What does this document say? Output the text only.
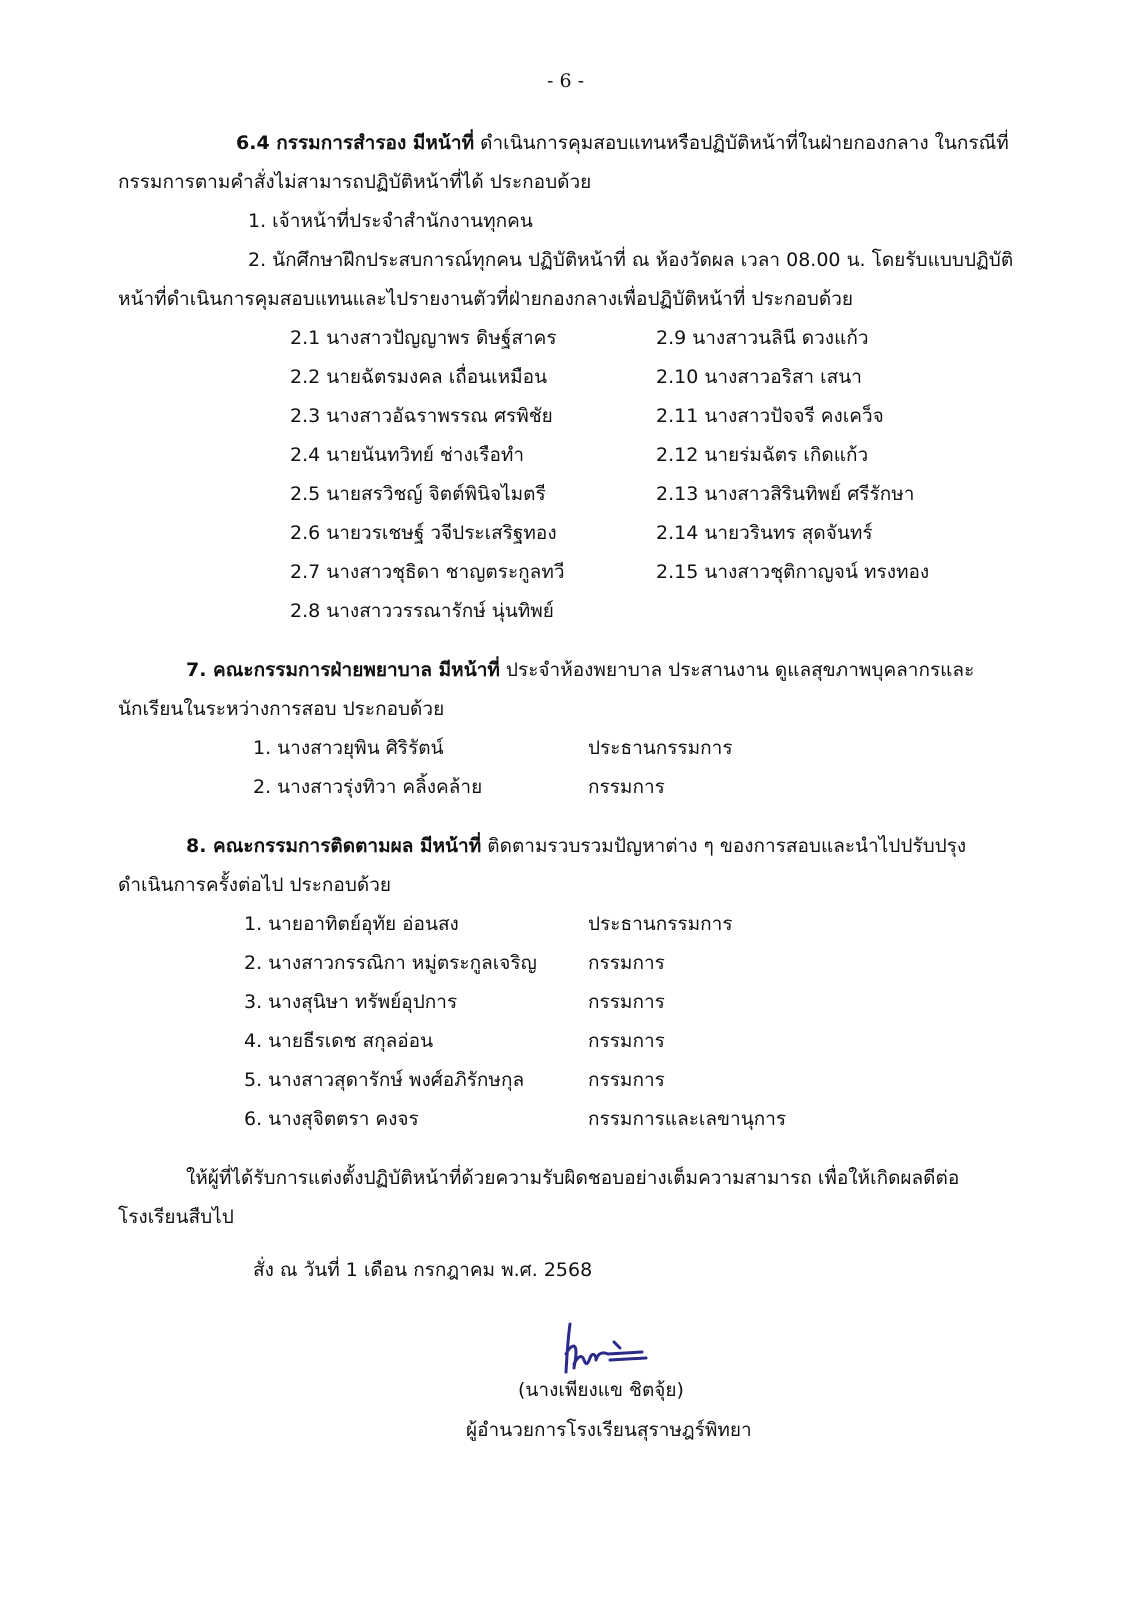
- 6 -
6.4 กรรมการสำรอง มีหน้าที่ ดำเนินการคุมสอบแทนหรือปฏิบัติหน้าที่ในฝ่ายกองกลาง ในกรณีที่
กรรมการตามคำสั่งไม่สามารถปฏิบัติหน้าที่ได้ ประกอบด้วย
1. เจ้าหน้าที่ประจำสำนักงานทุกคน
2. นักศึกษาฝึกประสบการณ์ทุกคน ปฏิบัติหน้าที่ ณ ห้องวัดผล เวลา 08.00 น. โดยรับแบบปฏิบัติ
หน้าที่ดำเนินการคุมสอบแทนและไปรายงานตัวที่ฝ่ายกองกลางเพื่อปฏิบัติหน้าที่ ประกอบด้วย
2.1 นางสาวปัญญาพร ดิษฐ์สาคร
2.2 นายฉัตรมงคล เถื่อนเหมือน
2.3 นางสาวอัฉราพรรณ ศรพิชัย
2.4 นายนันทวิทย์ ช่างเรือทำ
2.5 นายสรวิชญ์ จิตต์พินิจไมตรี
2.6 นายวรเชษฐ์ วจีประเสริฐทอง
2.7 นางสาวชุธิดา ชาญตระกูลทวี
2.8 นางสาววรรณารักษ์ นุ่นทิพย์
2.9 นางสาวนลินี ดวงแก้ว
2.10 นางสาวอริสา เสนา
2.11 นางสาวปัจจรี คงเคว็จ
2.12 นายร่มฉัตร เกิดแก้ว
2.13 นางสาวสิรินทิพย์ ศรีรักษา
2.14 นายวรินทร สุดจันทร์
2.15 นางสาวชุติกาญจน์ ทรงทอง
7. คณะกรรมการฝ่ายพยาบาล มีหน้าที่ ประจำห้องพยาบาล ประสานงาน ดูแลสุขภาพบุคลากรและ
นักเรียนในระหว่างการสอบ ประกอบด้วย
1. นางสาวยุพิน ศิริรัตน์	ประธานกรรมการ
2. นางสาวรุ่งทิวา คลิ้งคล้าย	กรรมการ
8. คณะกรรมการติดตามผล มีหน้าที่ ติดตามรวบรวมปัญหาต่าง ๆ ของการสอบและนำไปปรับปรุง
ดำเนินการครั้งต่อไป ประกอบด้วย
1. นายอาทิตย์อุทัย อ่อนสง	ประธานกรรมการ
2. นางสาวกรรณิกา หมู่ตระกูลเจริญ	กรรมการ
3. นางสุนิษา ทรัพย์อุปการ	กรรมการ
4. นายธีรเดช สกุลอ่อน	กรรมการ
5. นางสาวสุดารักษ์ พงศ์อภิรักษกุล	กรรมการ
6. นางสุจิตตรา คงจร	กรรมการและเลขานุการ
ให้ผู้ที่ได้รับการแต่งตั้งปฏิบัติหน้าที่ด้วยความรับผิดชอบอย่างเต็มความสามารถ เพื่อให้เกิดผลดีต่อ
โรงเรียนสืบไป
สั่ง ณ วันที่ 1 เดือน กรกฎาคม พ.ศ. 2568
(นางเพียงแข ชิตจุ้ย)
ผู้อำนวยการโรงเรียนสุราษฎร์พิทยา
